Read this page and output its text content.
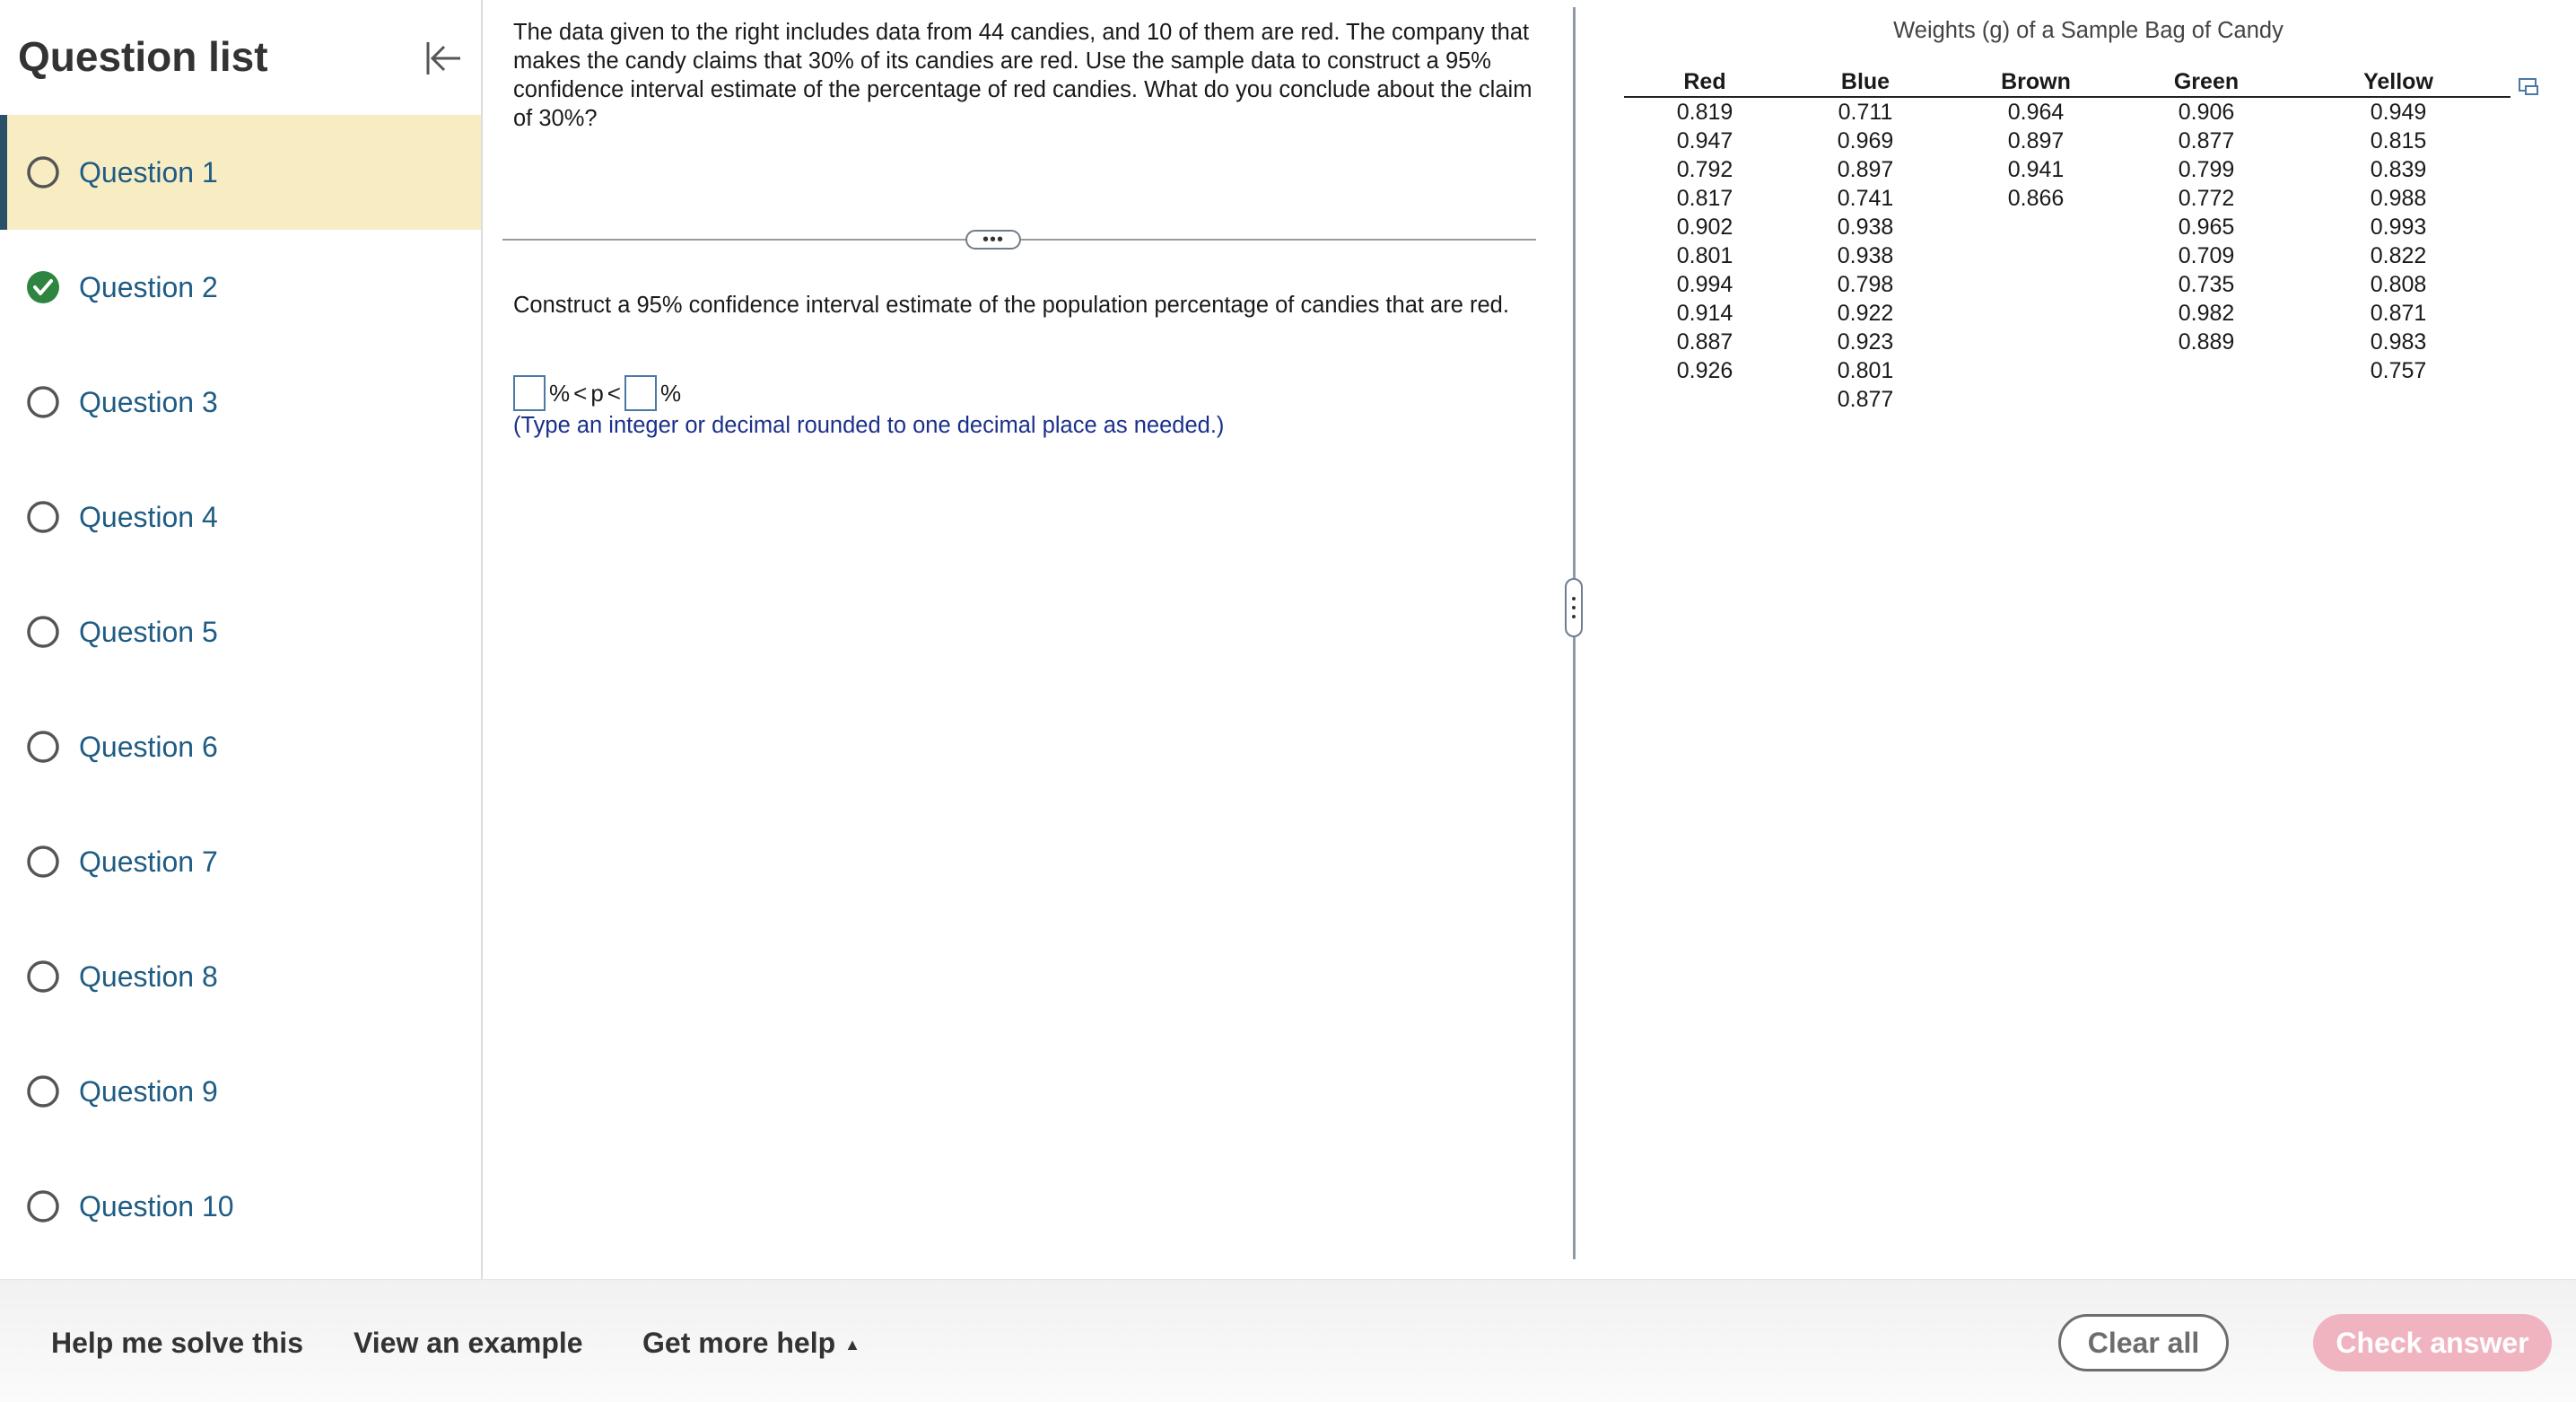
Question list
Question 1
Question 2
Question 3
Question 4
Question 5
Question 6
Question 7
Question 8
Question 9
Question 10
The data given to the right includes data from 44 candies, and 10 of them are red. The company that makes the candy claims that 30% of its candies are red. Use the sample data to construct a 95% confidence interval estimate of the percentage of red candies. What do you conclude about the claim of 30%?
•••
Construct a 95% confidence interval estimate of the population percentage of candies that are red.
% < p < %
(Type an integer or decimal rounded to one decimal place as needed.)
Weights (g) of a Sample Bag of Candy
Red	Blue	Brown	Green	Yellow
0.819	0.711	0.964	0.906	0.949
0.947	0.969	0.897	0.877	0.815
0.792	0.897	0.941	0.799	0.839
0.817	0.741	0.866	0.772	0.988
0.902	0.938		0.965	0.993
0.801	0.938		0.709	0.822
0.994	0.798		0.735	0.808
0.914	0.922		0.982	0.871
0.887	0.923		0.889	0.983
0.926	0.801			0.757
	0.877			
Help me solve this View an example Get more help ▲	Clear all	Check answer
